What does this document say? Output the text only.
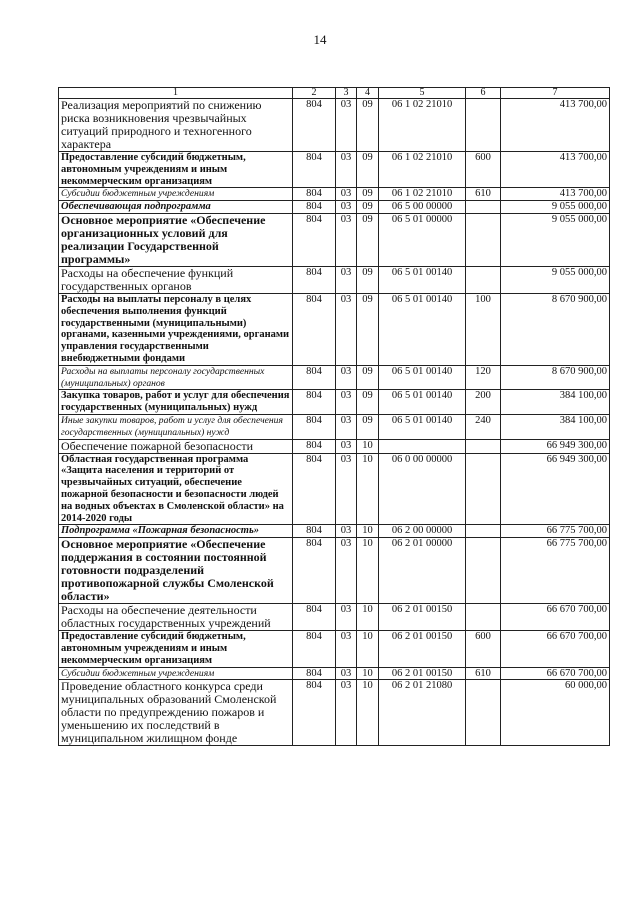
14
1	2	3	4	5	6	7
Реализация мероприятий по снижению риска возникновения чрезвычайных ситуаций природного и техногенного характера	804	03	09	06 1 02 21010		413 700,00
Предоставление субсидий бюджетным, автономным учреждениям и иным некоммерческим организациям	804	03	09	06 1 02 21010	600	413 700,00
Субсидии бюджетным учреждениям	804	03	09	06 1 02 21010	610	413 700,00
Обеспечивающая подпрограмма	804	03	09	06 5 00 00000		9 055 000,00
Основное мероприятие «Обеспечение организационных условий для реализации Государственной программы»	804	03	09	06 5 01 00000		9 055 000,00
Расходы на обеспечение функций государственных органов	804	03	09	06 5 01 00140		9 055 000,00
Расходы на выплаты персоналу в целях обеспечения выполнения функций государственными (муниципальными) органами, казенными учреждениями, органами управления государственными внебюджетными фондами	804	03	09	06 5 01 00140	100	8 670 900,00
Расходы на выплаты персоналу государственных (муниципальных) органов	804	03	09	06 5 01 00140	120	8 670 900,00
Закупка товаров, работ и услуг для обеспечения государственных (муниципальных) нужд	804	03	09	06 5 01 00140	200	384 100,00
Иные закупки товаров, работ и услуг для обеспечения государственных (муниципальных) нужд	804	03	09	06 5 01 00140	240	384 100,00
Обеспечение пожарной безопасности	804	03	10			66 949 300,00
Областная государственная программа «Защита населения и территорий от чрезвычайных ситуаций, обеспечение пожарной безопасности и безопасности людей на водных объектах в Смоленской области» на 2014-2020 годы	804	03	10	06 0 00 00000		66 949 300,00
Подпрограмма «Пожарная безопасность»	804	03	10	06 2 00 00000		66 775 700,00
Основное мероприятие «Обеспечение поддержания в состоянии постоянной готовности подразделений противопожарной службы Смоленской области»	804	03	10	06 2 01 00000		66 775 700,00
Расходы на обеспечение деятельности областных государственных учреждений	804	03	10	06 2 01 00150		66 670 700,00
Предоставление субсидий бюджетным, автономным учреждениям и иным некоммерческим организациям	804	03	10	06 2 01 00150	600	66 670 700,00
Субсидии бюджетным учреждениям	804	03	10	06 2 01 00150	610	66 670 700,00
Проведение областного конкурса среди муниципальных образований Смоленской области по предупреждению пожаров и уменьшению их последствий в муниципальном жилищном фонде	804	03	10	06 2 01 21080		60 000,00
